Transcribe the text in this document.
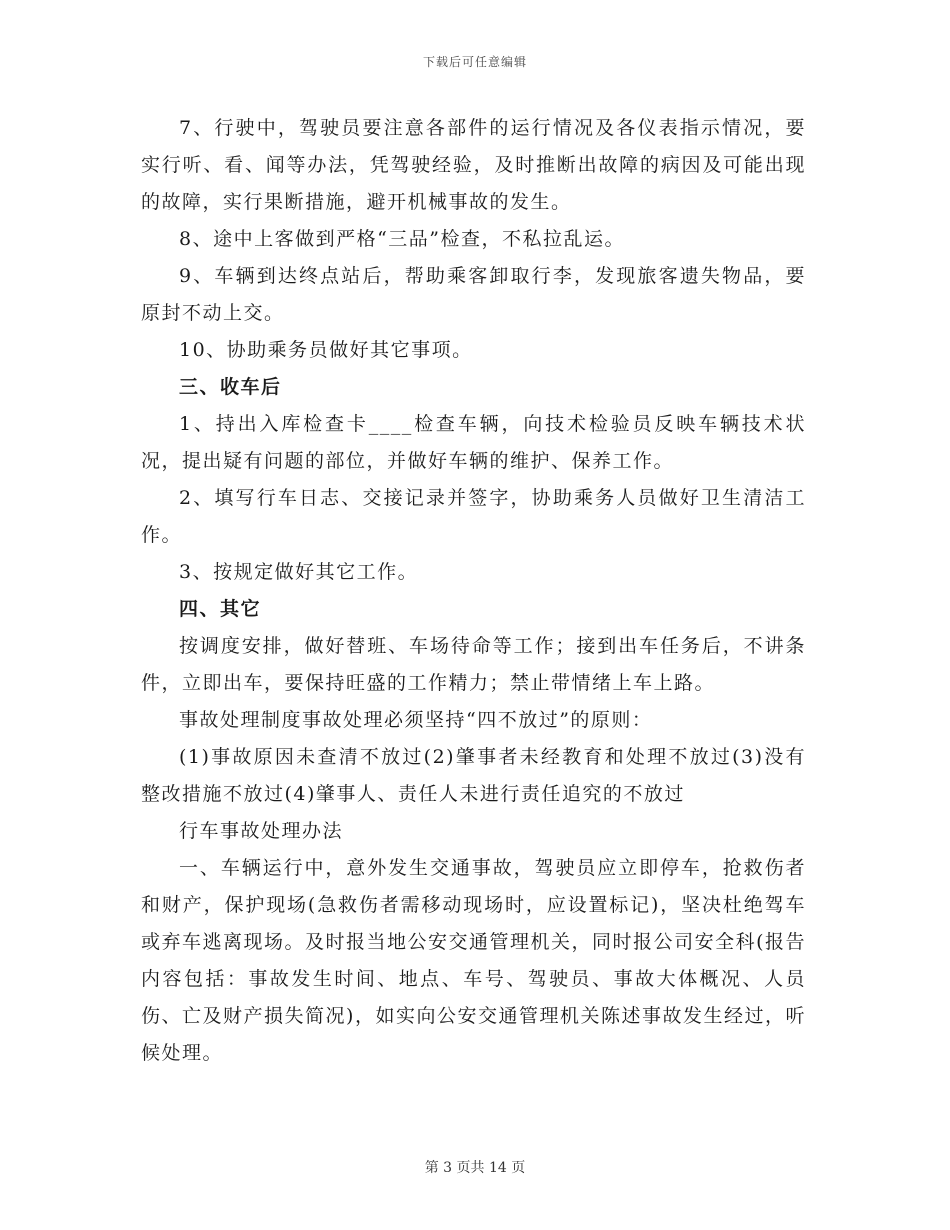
下载后可任意编辑

7、行驶中，驾驶员要注意各部件的运行情况及各仪表指示情况，要实行听、看、闻等办法，凭驾驶经验，及时推断出故障的病因及可能出现的故障，实行果断措施，避开机械事故的发生。

8、途中上客做到严格“三品”检查，不私拉乱运。

9、车辆到达终点站后，帮助乘客卸取行李，发现旅客遗失物品，要原封不动上交。

10、协助乘务员做好其它事项。

三、收车后

1、持出入库检查卡____检查车辆，向技术检验员反映车辆技术状况，提出疑有问题的部位，并做好车辆的维护、保养工作。

2、填写行车日志、交接记录并签字，协助乘务人员做好卫生清洁工作。

3、按规定做好其它工作。

四、其它

按调度安排，做好替班、车场待命等工作；接到出车任务后，不讲条件，立即出车，要保持旺盛的工作精力；禁止带情绪上车上路。

事故处理制度事故处理必须坚持“四不放过”的原则：

(1)事故原因未查清不放过(2)肇事者未经教育和处理不放过(3)没有整改措施不放过(4)肇事人、责任人未进行责任追究的不放过

行车事故处理办法

一、车辆运行中，意外发生交通事故，驾驶员应立即停车，抢救伤者和财产，保护现场(急救伤者需移动现场时，应设置标记)，坚决杜绝驾车或弃车逃离现场。及时报当地公安交通管理机关，同时报公司安全科(报告内容包括：事故发生时间、地点、车号、驾驶员、事故大体概况、人员伤、亡及财产损失简况)，如实向公安交通管理机关陈述事故发生经过，听候处理。

第 3 页共 14 页
